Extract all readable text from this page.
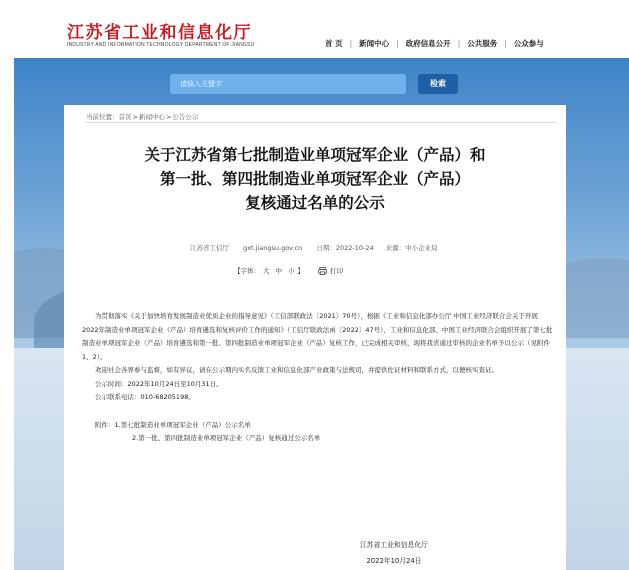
江苏省工业和信息化厅
INDUSTRY AND INFORMATION TECHNOLOGY DEPARTMENT OF JIANGSU	首 页 | 新闻中心 | 政府信息公开 | 公共服务 | 公众参与
请输入关键字	检索
当前位置：首页>新闻中心>公告公示
关于江苏省第七批制造业单项冠军企业（产品）和
第一批、第四批制造业单项冠军企业（产品）
复核通过名单的公示
江苏省工信厅 gxt.jiangsu.gov.cn 日期：2022-10-24 来源：中小企业局
【字体： 大 中 小 】	打印

为贯彻落实《关于加快培育发展制造业优质企业的指导意见》（工信部联政法〔2021〕70号），根据《工业和信息化部办公厅 中国工业经济联合会关于开展2022年制造业单项冠军企业（产品）培育遴选和复核评价工作的通知》（工信厅联政法函〔2022〕47号），工业和信息化部、中国工业经济联合会组织开展了第七批制造业单项冠军企业（产品）培育遴选和第一批、第四批制造业单项冠军企业（产品）复核工作，已完成相关审核，现将我省通过审核的企业名单予以公示（见附件1、2）。

欢迎社会各界参与监督，如有异议，请在公示期内实名反馈工业和信息化部产业政策与法规司，并提供佐证材料和联系方式，以便核实查证。

公示时间：2022年10月24日至10月31日。

公示联系电话：010-68205198。

附件：1.第七批制造业单项冠军企业（产品）公示名单
2.第一批、第四批制造业单项冠军企业（产品）复核通过公示名单
江苏省工业和信息化厅
2022年10月24日
